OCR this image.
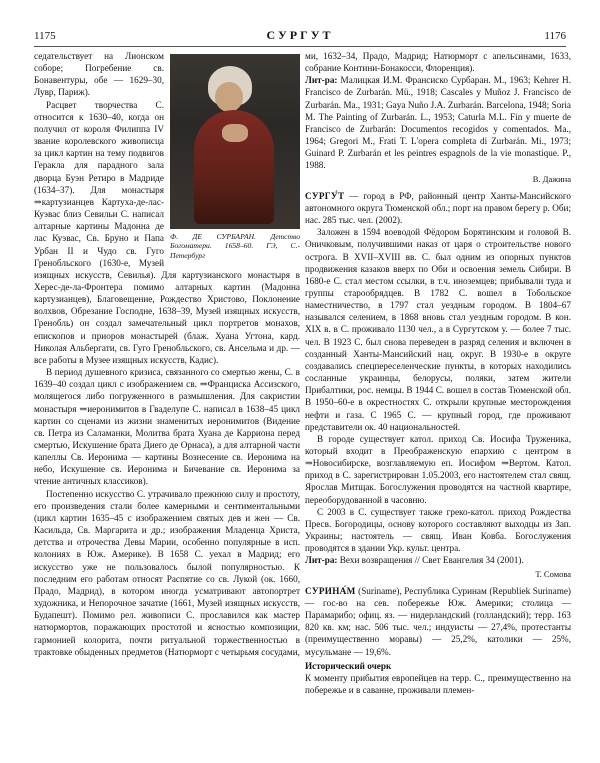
1175	СУРГУТ	1176
Ф. ДЕ СУРБАРАН. Детство Богоматери. 1658–60. ГЭ, С.-Петербург

седательствует на Лионском соборе; Погребение св. Бонавентуры, обе — 1629–30, Лувр, Париж).

Расцвет творчества С. относится к 1630–40, когда он получил от короля Филиппа IV звание королевского живописца за цикл картин на тему подвигов Геракла для парадного зала дворца Буэн Ретиро в Мадриде (1634–37). Для монастыря ⇒картузианцев Картуха-де-лас-Куэвас близ Севильи С. написал алтарные картины Мадонна де лас Куэвас, Св. Бруно и Папа Урбан II и Чудо св. Гуго Гренобльского (1630-е, Музей изящных искусств, Севилья). Для картузианского монастыря в Херес-де-ла-Фронтера помимо алтарных картин (Мадонна картузианцев), Благовещение, Рождество Христово, Поклонение волхвов, Обрезание Господне, 1638–39, Музей изящных искусств, Гренобль) он создал замечательный цикл портретов монахов, епископов и приоров монастырей (блаж. Хуана Угтона, кард. Николая Альбергати, св. Гуго Гренобльского, св. Ансельма и др. — все работы в Музее изящных искусств, Кадис).

В период душевного кризиса, связанного со смертью жены, С. в 1639–40 создал цикл с изображением св. ⇒Франциска Ассизского, молящегося либо погруженного в размышления. Для сакристии монастыря ⇒иеронимитов в Гваделупе С. написал в 1638–45 цикл картин со сценами из жизни знаменитых иеронимитов (Видение св. Петра из Саламанки, Молитва брата Хуана де Карриона перед смертью, Искушение брата Диего де Орнаса), а для алтарной части капеллы Св. Иеронима — картины Вознесение св. Иеронима на небо, Искушение св. Иеронима и Бичевание св. Иеронима за чтение античных классиков).

Постепенно искусство С. утрачивало прежнюю силу и простоту, его произведения стали более камерными и сентиментальными (цикл картин 1635–45 с изображением святых дев и жен — Св. Касильда, Св. Маргарита и др.; изображения Младенца Христа, детства и отрочества Девы Марии, особенно популярные в исп. колониях в Юж. Америке). В 1658 С. уехал в Мадрид; его искусство уже не пользовалось былой популярностью. К последним его работам относят Распятие со св. Лукой (ок. 1660, Прадо, Мадрид), в котором иногда усматривают автопортрет художника, и Непорочное зачатие (1661, Музей изящных искусств, Будапешт). Помимо рел. живописи С. прославился как мастер натюрмортов, поражающих простотой и ясностью композиции, гармонией колорита, почти ритуальной торжественностью в трактовке обыденных предметов (Натюрморт с четырьмя сосудами,

ми, 1632–34, Прадо, Мадрид; Натюрморт с апельсинами, 1633, собрание Контини-Бонакосси, Флоренция).

Лит-ра: Малицкая И.М. Франсиско Сурбаран. М., 1963; Kehrer H. Francisco de Zurbarán. Mü., 1918; Cascales y Muñoz J. Francisco de Zurbarán. Ma., 1931; Gaya Nuño J.A. Zurbarán. Barcelona, 1948; Soria M. The Painting of Zurbarán. L., 1953; Caturla M.L. Fin y muerte de Francisco de Zurbarán: Documentos recogidos y comentados. Ma., 1964; Gregori M., Frati T. L'opera completa di Zurbarán. Mi., 1973; Guinard P. Zurbarán et les peintres espagnols de la vie monastique. P., 1988.

В. Дажина

СУРГУ́Т — город в РФ, районный центр Ханты-Мансийского автономного округа Тюменской обл.; порт на правом берегу р. Оби; нас. 285 тыс. чел. (2002).

Заложен в 1594 воеводой Фёдором Борятинским и головой В. Оничковым, получившими наказ от царя о строительстве нового острога. В XVII–XVIII вв. С. был одним из опорных пунктов продвижения казаков вверх по Оби и освоения земель Сибири. В 1680-е С. стал местом ссылки, в т.ч. иноземцев; прибывали туда и группы старообрядцев. В 1782 С. вошел в Тобольское наместничество, в 1797 стал уездным городом. В 1804–67 назывался селением, в 1868 вновь стал уездным городом. В кон. XIX в. в С. проживало 1130 чел., а в Сургутском у. — более 7 тыс. чел. В 1923 С. был снова переведен в разряд селения и включен в созданный Ханты-Мансийский нац. округ. В 1930-е в округе создавались спецпереселенческие пункты, в которых находились сосланные украинцы, белорусы, поляки, затем жители Прибалтики, рос. немцы. В 1944 С. вошел в состав Тюменской обл. В 1950–60-е в окрестностях С. открыли крупные месторождения нефти и газа. С 1965 С. — крупный город, где проживают представители ок. 40 национальностей.

В городе существует катол. приход Св. Иосифа Труженика, который входит в Преображенскую епархию с центром в ⇒Новосибирске, возглавляемую еп. Иосифом ⇒Вертом. Катол. приход в С. зарегистрирован 1.05.2003, его настоятелем стал свящ. Ярослав Митщак. Богослужения проводятся на частной квартире, переоборудованной в часовню.

С 2003 в С. существует также греко-катол. приход Рождества Пресв. Богородицы, основу которого составляют выходцы из Зап. Украины; настоятель — свящ. Иван Ковба. Богослужения проводятся в здании Укр. культ. центра.

Лит-ра: Вехи возвращения // Свет Евангелия 34 (2001).

Т. Сомова

СУРИНА́М (Suriname), Республика Суринам (Republiek Suriname) — гос-во на сев. побережье Юж. Америки; столица — Парамарибо; офиц. яз. — нидерландский (голландский); терр. 163 820 кв. км; нас. 506 тыс. чел.; индуисты — 27,4%, протестанты (преимущественно моравы) — 25,2%, католики — 25%, мусульмане — 19,6%.

Исторический очерк

К моменту прибытия европейцев на терр. С., преимущественно на побережье и в саванне, проживали племен-
